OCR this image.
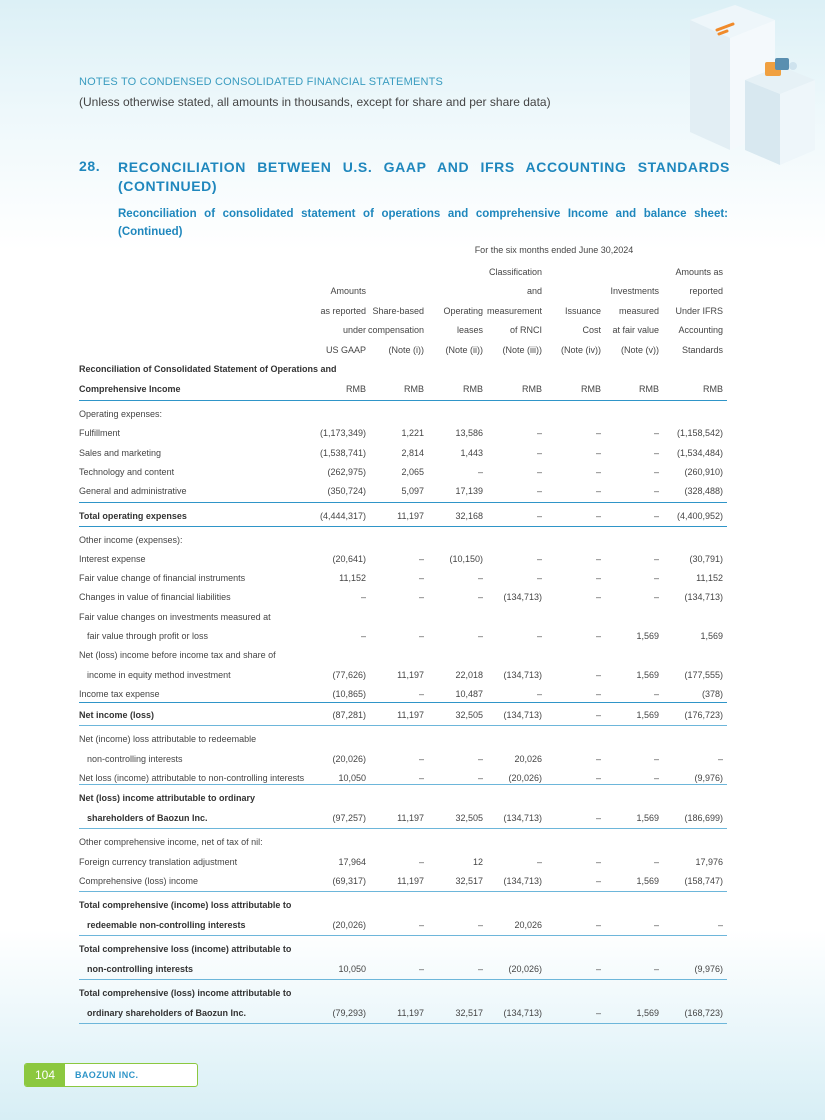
NOTES TO CONDENSED CONSOLIDATED FINANCIAL STATEMENTS
(Unless otherwise stated, all amounts in thousands, except for share and per share data)
28. RECONCILIATION BETWEEN U.S. GAAP AND IFRS ACCOUNTING STANDARDS (CONTINUED)
Reconciliation of consolidated statement of operations and comprehensive Income and balance sheet: (Continued)
For the six months ended June 30,2024
Amounts
as reported
under
US GAAP
RMB
Share-based
compensation
(Note (i))
RMB
Operating
leases
(Note (ii))
RMB
Classification
and
measurement
of RNCI
(Note (iii))
RMB
Issuance
Cost
(Note (iv))
RMB
Investments
measured
at fair value
(Note (v))
RMB
Amounts as
reported
Under IFRS
Accounting
Standards
RMB
Reconciliation of Consolidated Statement of Operations and
Comprehensive Income
Operating expenses:
Fulfillment	(1,173,349)	1,221	13,586	–	–	–	(1,158,542)
Sales and marketing	(1,538,741)	2,814	1,443	–	–	–	(1,534,484)
Technology and content	(262,975)	2,065	–	–	–	–	(260,910)
General and administrative	(350,724)	5,097	17,139	–	–	–	(328,488)
Total operating expenses	(4,444,317)	11,197	32,168	–	–	–	(4,400,952)
Other income (expenses):
Interest expense	(20,641)	–	(10,150)	–	–	–	(30,791)
Fair value change of financial instruments	11,152	–	–	–	–	–	11,152
Changes in value of financial liabilities	–	–	–	(134,713)	–	–	(134,713)
Fair value changes on investments measured at
fair value through profit or loss	–	–	–	–	–	1,569	1,569
Net (loss) income before income tax and share of
income in equity method investment	(77,626)	11,197	22,018	(134,713)	–	1,569	(177,555)
Income tax expense	(10,865)	–	10,487	–	–	–	(378)
Net income (loss)	(87,281)	11,197	32,505	(134,713)	–	1,569	(176,723)
Net (income) loss attributable to redeemable
non-controlling interests	(20,026)	–	–	20,026	–	–	–
Net loss (income) attributable to non-controlling interests	10,050	–	–	(20,026)	–	–	(9,976)
Net (loss) income attributable to ordinary
shareholders of Baozun Inc.	(97,257)	11,197	32,505	(134,713)	–	1,569	(186,699)
Other comprehensive income, net of tax of nil:
Foreign currency translation adjustment	17,964	–	12	–	–	–	17,976
Comprehensive (loss) income	(69,317)	11,197	32,517	(134,713)	–	1,569	(158,747)
Total comprehensive (income) loss attributable to
redeemable non-controlling interests	(20,026)	–	–	20,026	–	–	–
Total comprehensive loss (income) attributable to
non-controlling interests	10,050	–	–	(20,026)	–	–	(9,976)
Total comprehensive (loss) income attributable to
ordinary shareholders of Baozun Inc.	(79,293)	11,197	32,517	(134,713)	–	1,569	(168,723)
104	BAOZUN INC.
